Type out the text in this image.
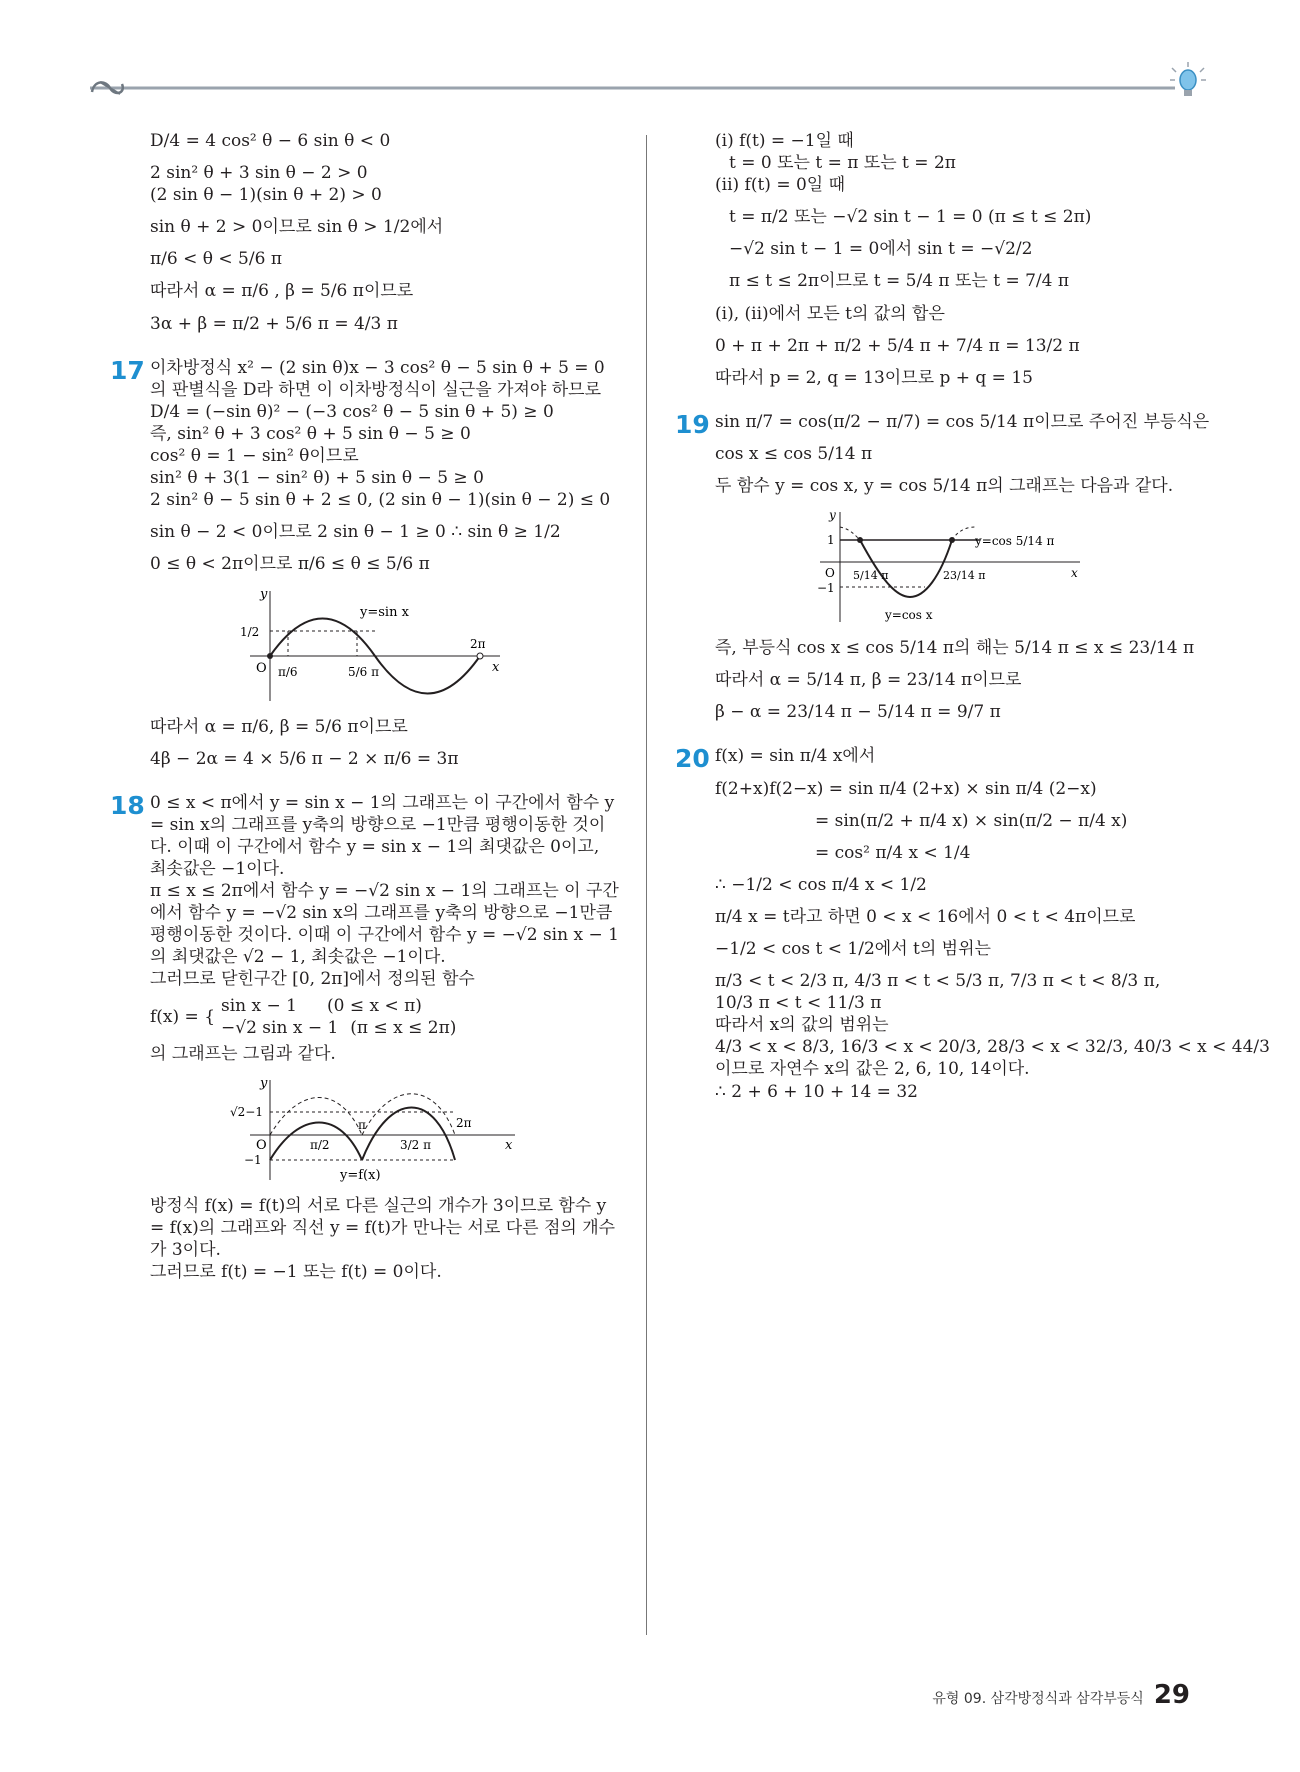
D/4 = 4 cos² θ − 6 sin θ < 0

2 sin² θ + 3 sin θ − 2 > 0

(2 sin θ − 1)(sin θ + 2) > 0

sin θ + 2 > 0이므로 sin θ > 1/2에서

π/6 < θ < 5/6 π

따라서 α = π/6 , β = 5/6 π이므로

3α + β = π/2 + 5/6 π = 4/3 π

17 이차방정식 x² − (2 sin θ)x − 3 cos² θ − 5 sin θ + 5 = 0의 판별식을 D라 하면 이 이차방정식이 실근을 가져야 하므로

D/4 = (−sin θ)² − (−3 cos² θ − 5 sin θ + 5) ≥ 0

즉, sin² θ + 3 cos² θ + 5 sin θ − 5 ≥ 0

cos² θ = 1 − sin² θ이므로

sin² θ + 3(1 − sin² θ) + 5 sin θ − 5 ≥ 0

2 sin² θ − 5 sin θ + 2 ≤ 0, (2 sin θ − 1)(sin θ − 2) ≤ 0

sin θ − 2 < 0이므로 2 sin θ − 1 ≥ 0 ∴ sin θ ≥ 1/2

0 ≤ θ < 2π이므로 π/6 ≤ θ ≤ 5/6 π

y
x
O
y=sin x
1/2
π/6	5/6 π
2π

따라서 α = π/6, β = 5/6 π이므로

4β − 2α = 4 × 5/6 π − 2 × π/6 = 3π

18 0 ≤ x < π에서 y = sin x − 1의 그래프는 이 구간에서 함수 y = sin x의 그래프를 y축의 방향으로 −1만큼 평행이동한 것이다. 이때 이 구간에서 함수 y = sin x − 1의 최댓값은 0이고, 최솟값은 −1이다.

π ≤ x ≤ 2π에서 함수 y = −√2 sin x − 1의 그래프는 이 구간에서 함수 y = −√2 sin x의 그래프를 y축의 방향으로 −1만큼 평행이동한 것이다. 이때 이 구간에서 함수 y = −√2 sin x − 1의 최댓값은 √2 − 1, 최솟값은 −1이다.

그러므로 닫힌구간 [0, 2π]에서 정의된 함수

f(x) = {
sin x − 1 (0 ≤ x < π)
−√2 sin x − 1 (π ≤ x ≤ 2π)

의 그래프는 그림과 같다.

y
x
O
√2−1
−1
π/2
π
3/2 π
2π
y=f(x)

방정식 f(x) = f(t)의 서로 다른 실근의 개수가 3이므로 함수 y = f(x)의 그래프와 직선 y = f(t)가 만나는 서로 다른 점의 개수가 3이다.

그러므로 f(t) = −1 또는 f(t) = 0이다.

(i) f(t) = −1일 때

t = 0 또는 t = π 또는 t = 2π

(ii) f(t) = 0일 때

t = π/2 또는 −√2 sin t − 1 = 0 (π ≤ t ≤ 2π)

−√2 sin t − 1 = 0에서 sin t = −√2/2

π ≤ t ≤ 2π이므로 t = 5/4 π 또는 t = 7/4 π

(i), (ii)에서 모든 t의 값의 합은

0 + π + 2π + π/2 + 5/4 π + 7/4 π = 13/2 π

따라서 p = 2, q = 13이므로 p + q = 15

19 sin π/7 = cos(π/2 − π/7) = cos 5/14 π이므로 주어진 부등식은

cos x ≤ cos 5/14 π

두 함수 y = cos x, y = cos 5/14 π의 그래프는 다음과 같다.

y
x
O
1
−1
y=cos 5/14 π
y=cos x
5/14 π	23/14 π

즉, 부등식 cos x ≤ cos 5/14 π의 해는 5/14 π ≤ x ≤ 23/14 π

따라서 α = 5/14 π, β = 23/14 π이므로

β − α = 23/14 π − 5/14 π = 9/7 π

20 f(x) = sin π/4 x에서

f(2+x)f(2−x) = sin π/4 (2+x) × sin π/4 (2−x)

= sin(π/2 + π/4 x) × sin(π/2 − π/4 x)

= cos² π/4 x < 1/4

∴ −1/2 < cos π/4 x < 1/2

π/4 x = t라고 하면 0 < x < 16에서 0 < t < 4π이므로

−1/2 < cos t < 1/2에서 t의 범위는

π/3 < t < 2/3 π, 4/3 π < t < 5/3 π, 7/3 π < t < 8/3 π,

10/3 π < t < 11/3 π

따라서 x의 값의 범위는

4/3 < x < 8/3, 16/3 < x < 20/3, 28/3 < x < 32/3, 40/3 < x < 44/3

이므로 자연수 x의 값은 2, 6, 10, 14이다.

∴ 2 + 6 + 10 + 14 = 32

유형 09. 삼각방정식과 삼각부등식 29
